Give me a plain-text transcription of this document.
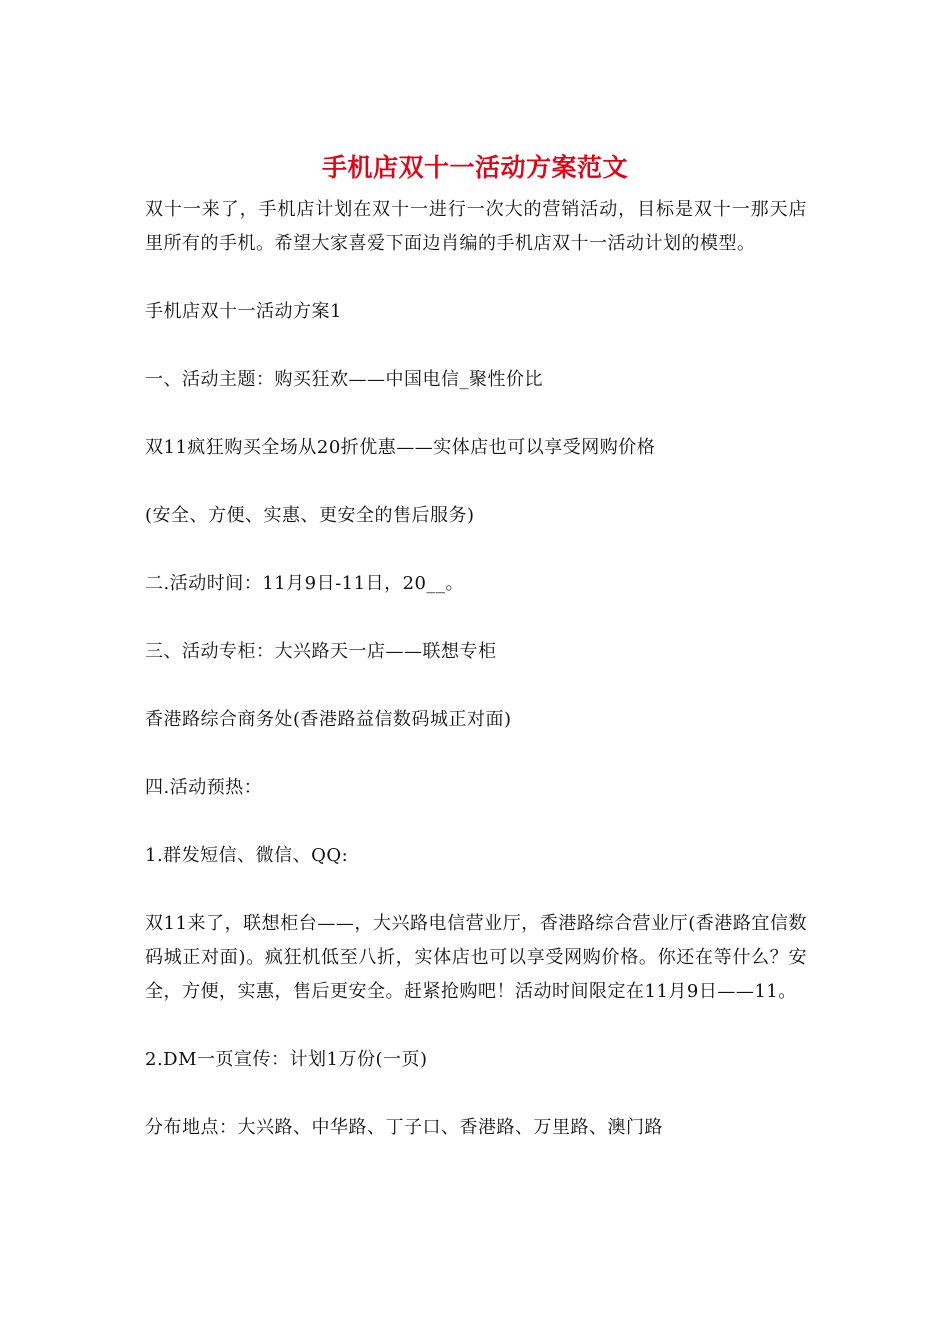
手机店双十一活动方案范文

双十一来了，手机店计划在双十一进行一次大的营销活动，目标是双十一那天店里所有的手机。希望大家喜爱下面边肖编的手机店双十一活动计划的模型。

手机店双十一活动方案1

一、活动主题：购买狂欢——中国电信_聚性价比

双11疯狂购买全场从20折优惠——实体店也可以享受网购价格

(安全、方便、实惠、更安全的售后服务)

二.活动时间：11月9日-11日，20__。

三、活动专柜：大兴路天一店——联想专柜

香港路综合商务处(香港路益信数码城正对面)

四.活动预热：

1.群发短信、微信、QQ:

双11来了，联想柜台——，大兴路电信营业厅，香港路综合营业厅(香港路宜信数码城正对面)。疯狂机低至八折，实体店也可以享受网购价格。你还在等什么？安全，方便，实惠，售后更安全。赶紧抢购吧！活动时间限定在11月9日——11。

2.DM一页宣传：计划1万份(一页)

分布地点：大兴路、中华路、丁子口、香港路、万里路、澳门路
